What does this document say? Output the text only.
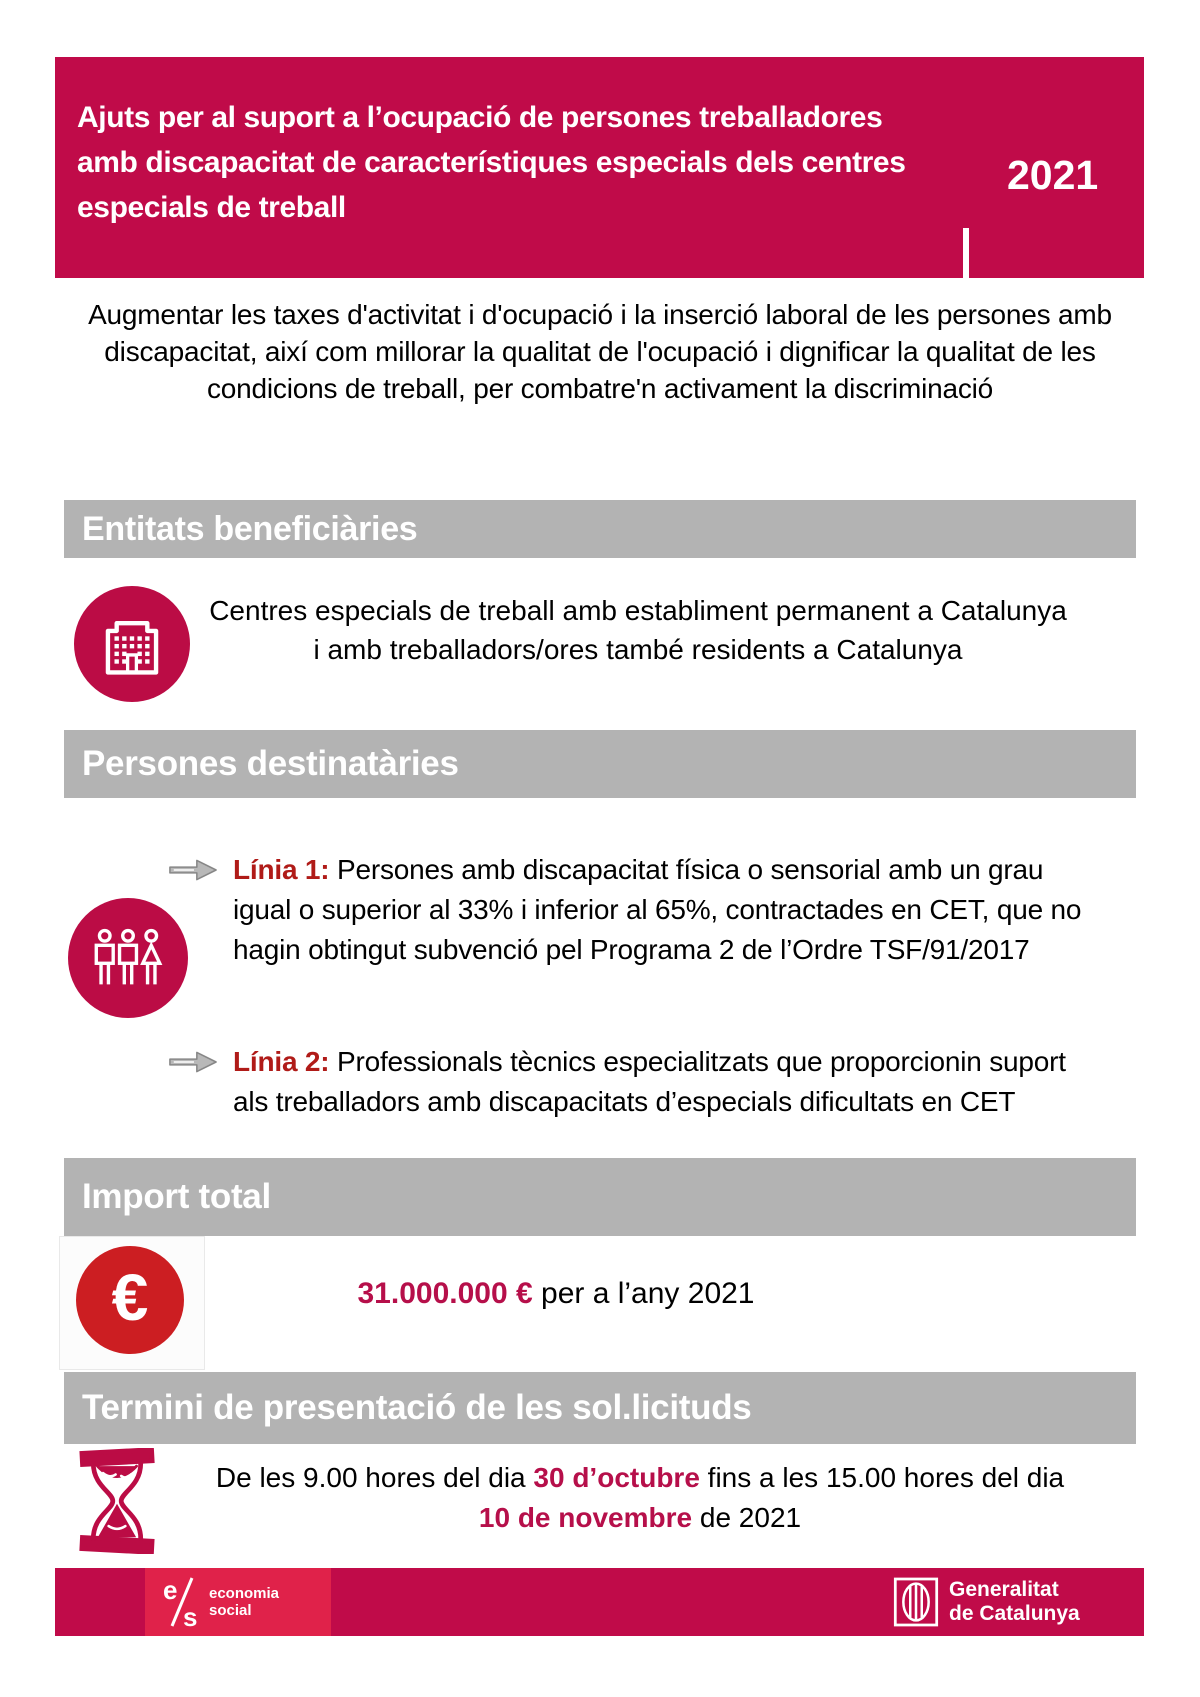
Ajuts per al suport a l’ocupació de persones treballadores amb discapacitat de característiques especials dels centres especials de treball
2021
Augmentar les taxes d'activitat i d'ocupació i la inserció laboral de les persones amb discapacitat, així com millorar la qualitat de l'ocupació i dignificar la qualitat de les condicions de treball, per combatre'n activament la discriminació
Entitats beneficiàries
Centres especials de treball amb establiment permanent a Catalunya i amb treballadors/ores també residents a Catalunya
Persones destinatàries
Línia 1: Persones amb discapacitat física o sensorial amb un grau igual o superior al 33% i inferior al 65%, contractades en CET, que no hagin obtingut subvenció pel Programa 2 de l’Ordre TSF/91/2017
Línia 2: Professionals tècnics especialitzats que proporcionin suport als treballadors amb discapacitats d’especials dificultats en CET
Import total
€	31.000.000 € per a l’any 2021
Termini de presentació de les sol.licituds
De les 9.00 hores del dia 30 d’octubre fins a les 15.00 hores del dia 10 de novembre de 2021
e
s
economia
social
Generalitat
de Catalunya
